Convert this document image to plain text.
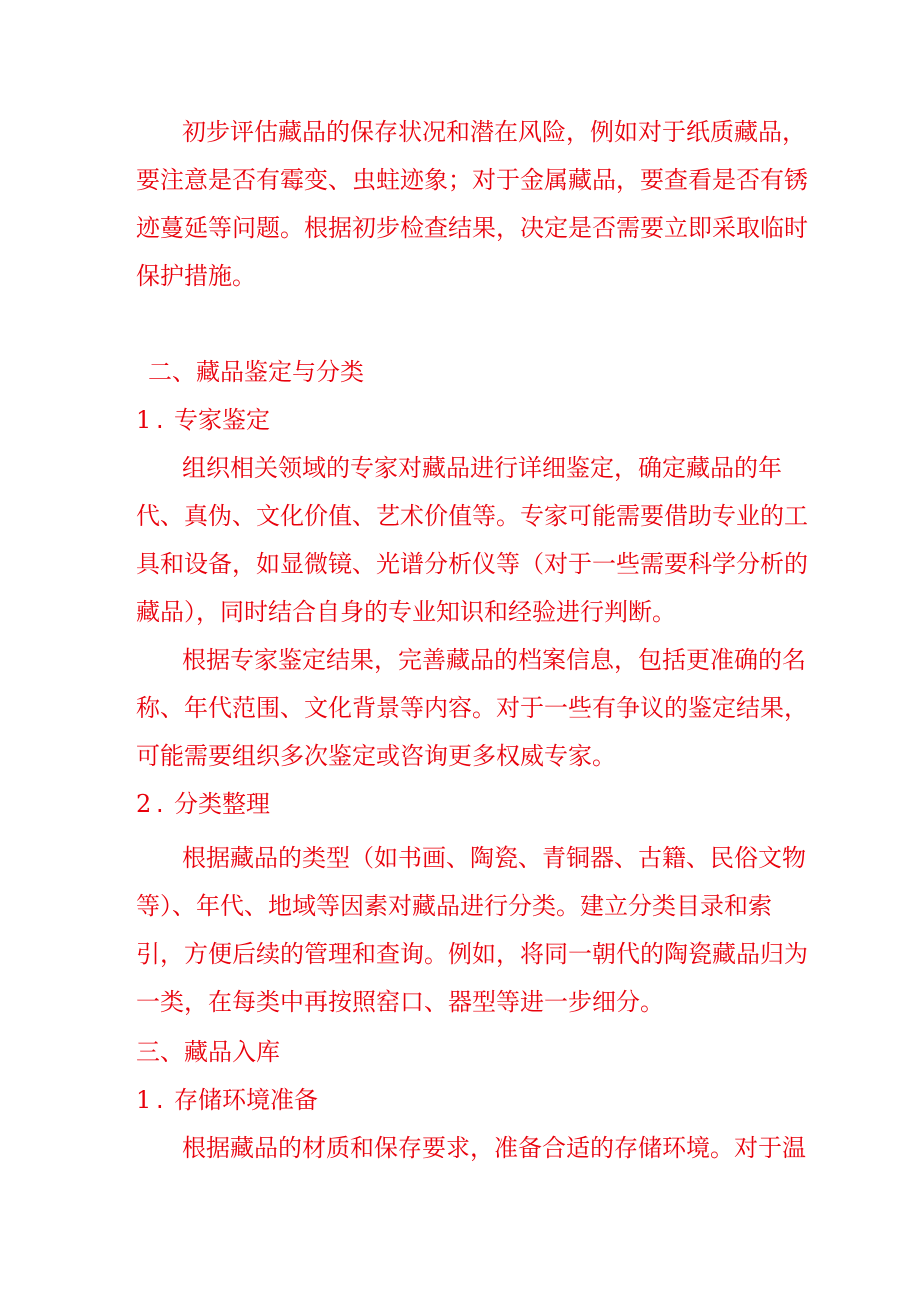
初步评估藏品的保存状况和潜在风险，例如对于纸质藏品，要注意是否有霉变、虫蛀迹象；对于金属藏品，要查看是否有锈迹蔓延等问题。根据初步检查结果，决定是否需要立即采取临时保护措施。

二、藏品鉴定与分类

1 . 专家鉴定

组织相关领域的专家对藏品进行详细鉴定，确定藏品的年代、真伪、文化价值、艺术价值等。专家可能需要借助专业的工具和设备，如显微镜、光谱分析仪等（对于一些需要科学分析的藏品），同时结合自身的专业知识和经验进行判断。

根据专家鉴定结果，完善藏品的档案信息，包括更准确的名称、年代范围、文化背景等内容。对于一些有争议的鉴定结果，可能需要组织多次鉴定或咨询更多权威专家。

2 . 分类整理

根据藏品的类型（如书画、陶瓷、青铜器、古籍、民俗文物等）、年代、地域等因素对藏品进行分类。建立分类目录和索引，方便后续的管理和查询。例如，将同一朝代的陶瓷藏品归为一类，在每类中再按照窑口、器型等进一步细分。

三、藏品入库

1 . 存储环境准备

根据藏品的材质和保存要求，准备合适的存储环境。对于温
